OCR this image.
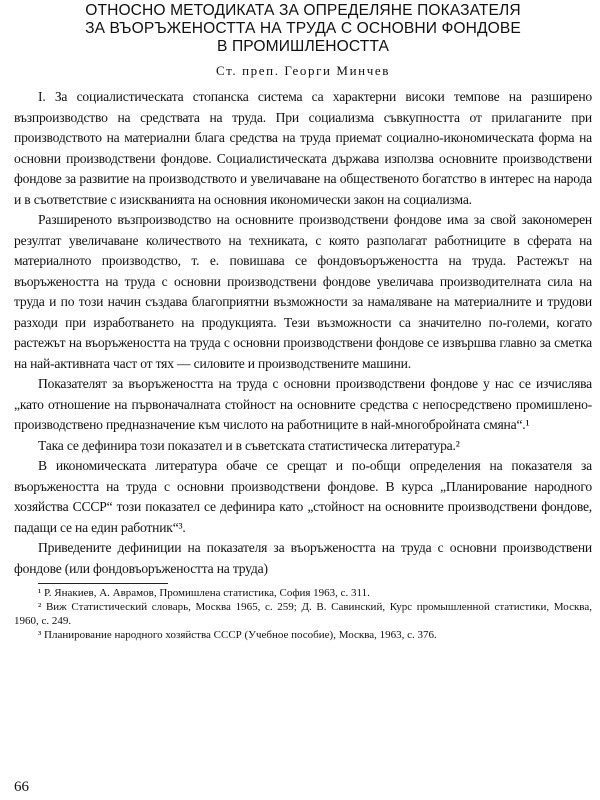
ОТНОСНО МЕТОДИКАТА ЗА ОПРЕДЕЛЯНЕ ПОКАЗАТЕЛЯ
ЗА ВЪОРЪЖЕНОСТТА НА ТРУДА С ОСНОВНИ ФОНДОВЕ
В ПРОМИШЛЕНОСТТА
Ст. преп. Георги Минчев

I. За социалистическата стопанска система са характерни високи темпове на разширено възпроизводство на средствата на труда. При социализма съвкупността от прилаганите при производството на материални блага средства на труда приемат социално-икономическата форма на основни производствени фондове. Социалистическата държава използва основните производствени фондове за развитие на производството и увеличаване на общественото богатство в интерес на народа и в съответствие с изискванията на основния икономически закон на социализма.

Разширеното възпроизводство на основните производствени фондове има за свой закономерен резултат увеличаване количеството на техниката, с която разполагат работниците в сферата на материалното производство, т. е. повишава се фондовъоръжеността на труда. Растежът на въоръжеността на труда с основни производствени фондове увеличава производителната сила на труда и по този начин създава благоприятни възможности за намаляване на материалните и трудови разходи при изработването на продукцията. Тези възможности са значително по-големи, когато растежът на въоръжеността на труда с основни производствени фондове се извършва главно за сметка на най-активната част от тях — силовите и производствените машини.

Показателят за въоръжеността на труда с основни производствени фондове у нас се изчислява „като отношение на първоначалната стойност на основните средства с непосредствено промишлено-производствено предназначение към числото на работниците в най-многобройната смяна“.¹

Така се дефинира този показател и в съветската статистическа литература.²

В икономическата литература обаче се срещат и по-общи определения на показателя за въоръжеността на труда с основни производствени фондове. В курса „Планирование народного хозяйства СССР“ този показател се дефинира като „стойност на основните производствени фондове, падащи се на един работник“³.

Приведените дефиниции на показателя за въоръжеността на труда с основни производствени фондове (или фондовъоръжеността на труда)

¹ Р. Янакиев, А. Аврамов, Промишлена статистика, София 1963, с. 311.

² Виж Статистический словарь, Москва 1965, с. 259; Д. В. Савинский, Курс промышленной статистики, Москва, 1960, с. 249.

³ Планирование народного хозяйства СССР (Учебное пособие), Москва, 1963, с. 376.

66
